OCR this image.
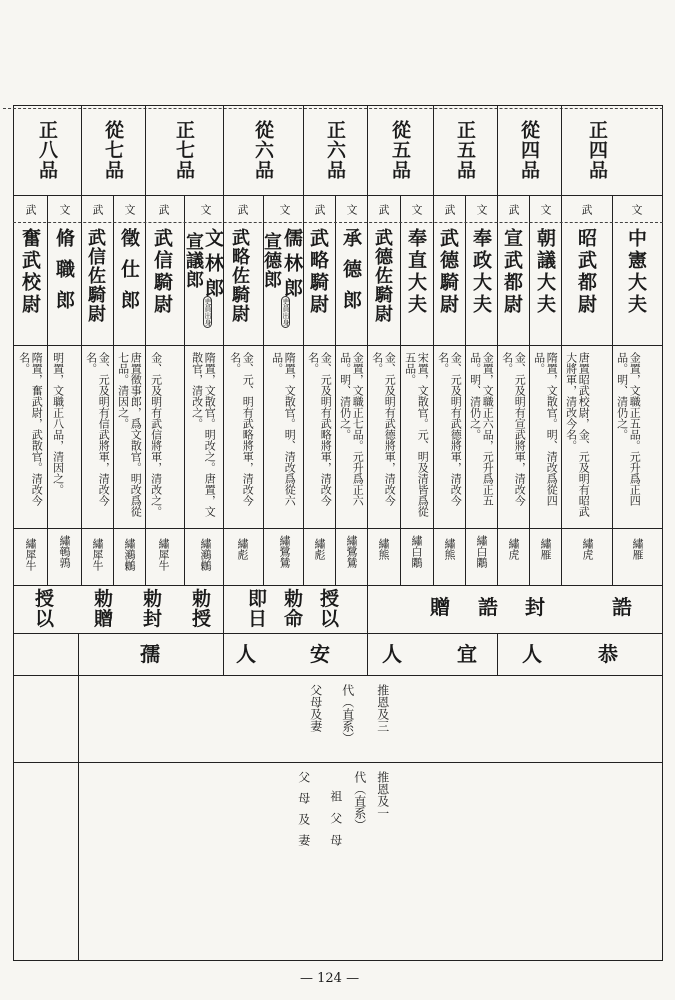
正四品
文
武
中憲大夫
昭武都尉
金置，文職正五品。元升爲正四品。明、清仍之。
唐置昭武校尉，金、元及明有昭武大將軍，清改今名。
繡雁
繡虎
從四品
文
武
朝議大夫
宣武都尉
隋置，文散官。明、清改爲從四品。
金、元及明有宣武將軍，清改今名。
繡雁
繡虎
正五品
文
武
奉政大夫
武德騎尉
金置，文職正六品，元升爲正五品。明、清仍之。
金、元及明有武德將軍，清改今名。
繡白鷴
繡熊
從五品
文
武
奉直大夫
武德佐騎尉
宋置，文散官。元、明及清皆爲從五品。
金、元及明有武德將軍，清改今名。
繡白鷴
繡熊
正六品
文
武
承德郎
武略騎尉
金置，文職正七品。元升爲正六品。明、清仍之。
金、元及明有武略將軍，清改今名。
繡鷺鷥
繡彪
從六品
文
武
儒林郎
宣德郎
吏員出身
武略佐騎尉
隋置，文散官。明、清改爲從六品。
金、元、明有武略將軍，清改今名。
繡鷺鷥
繡彪
正七品
文
武
文林郎
宣議郎
吏員出身
武信騎尉
隋置，文散官。明改之。唐置，文散官，清改之。
金、元及明有武信將軍，清改之。
繡鸂鶒
繡犀牛
從七品
文
武
徵仕郎
武信佐騎尉
唐置徵事郎，爲文散官。明改爲從七品。清因之。
金、元及明有信武將軍，清改今名。
繡鸂鶒
繡犀牛
正八品
文
武
脩職郎
奮武校尉
明置，文職正八品，清因之。
隋置，奮武尉，武散官。清改今名。
繡鵪鶉
繡犀牛
誥
封
贈 誥
授以
勅命
即日
勅授
勅封
勅贈
授以
恭
人
宜
人
安
人
孺
推恩及三
代（直系）
父母及妻
推恩及一
代（直系）
祖父母
父母及妻
— 124 —
